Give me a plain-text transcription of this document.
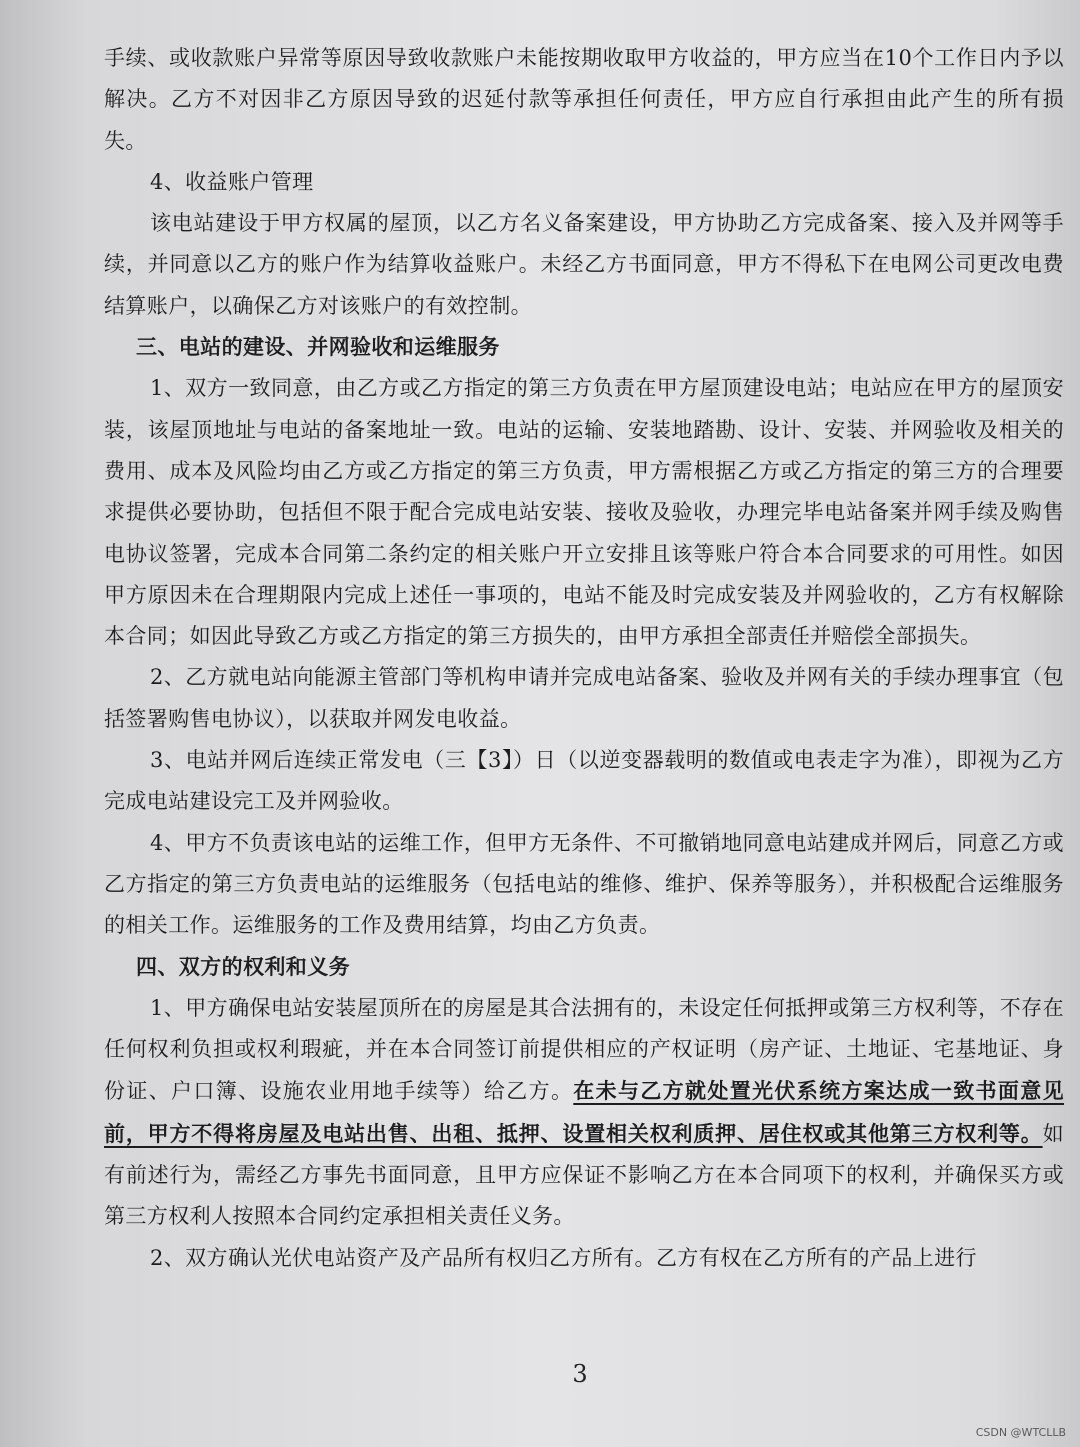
手续、或收款账户异常等原因导致收款账户未能按期收取甲方收益的，甲方应当在10个工作日内予以解决。乙方不对因非乙方原因导致的迟延付款等承担任何责任，甲方应自行承担由此产生的所有损失。

4、收益账户管理

该电站建设于甲方权属的屋顶，以乙方名义备案建设，甲方协助乙方完成备案、接入及并网等手续，并同意以乙方的账户作为结算收益账户。未经乙方书面同意，甲方不得私下在电网公司更改电费结算账户，以确保乙方对该账户的有效控制。

三、电站的建设、并网验收和运维服务

1、双方一致同意，由乙方或乙方指定的第三方负责在甲方屋顶建设电站；电站应在甲方的屋顶安装，该屋顶地址与电站的备案地址一致。电站的运输、安装地踏勘、设计、安装、并网验收及相关的费用、成本及风险均由乙方或乙方指定的第三方负责，甲方需根据乙方或乙方指定的第三方的合理要求提供必要协助，包括但不限于配合完成电站安装、接收及验收，办理完毕电站备案并网手续及购售电协议签署，完成本合同第二条约定的相关账户开立安排且该等账户符合本合同要求的可用性。如因甲方原因未在合理期限内完成上述任一事项的，电站不能及时完成安装及并网验收的，乙方有权解除本合同；如因此导致乙方或乙方指定的第三方损失的，由甲方承担全部责任并赔偿全部损失。

2、乙方就电站向能源主管部门等机构申请并完成电站备案、验收及并网有关的手续办理事宜（包括签署购售电协议），以获取并网发电收益。

3、电站并网后连续正常发电（三【3】）日（以逆变器载明的数值或电表走字为准），即视为乙方完成电站建设完工及并网验收。

4、甲方不负责该电站的运维工作，但甲方无条件、不可撤销地同意电站建成并网后，同意乙方或乙方指定的第三方负责电站的运维服务（包括电站的维修、维护、保养等服务），并积极配合运维服务的相关工作。运维服务的工作及费用结算，均由乙方负责。

四、双方的权利和义务

1、甲方确保电站安装屋顶所在的房屋是其合法拥有的，未设定任何抵押或第三方权利等，不存在任何权利负担或权利瑕疵，并在本合同签订前提供相应的产权证明（房产证、土地证、宅基地证、身份证、户口簿、设施农业用地手续等）给乙方。在未与乙方就处置光伏系统方案达成一致书面意见前，甲方不得将房屋及电站出售、出租、抵押、设置相关权利质押、居住权或其他第三方权利等。如有前述行为，需经乙方事先书面同意，且甲方应保证不影响乙方在本合同项下的权利，并确保买方或第三方权利人按照本合同约定承担相关责任义务。

2、双方确认光伏电站资产及产品所有权归乙方所有。乙方有权在乙方所有的产品上进行

3
CSDN @WTCLLB
